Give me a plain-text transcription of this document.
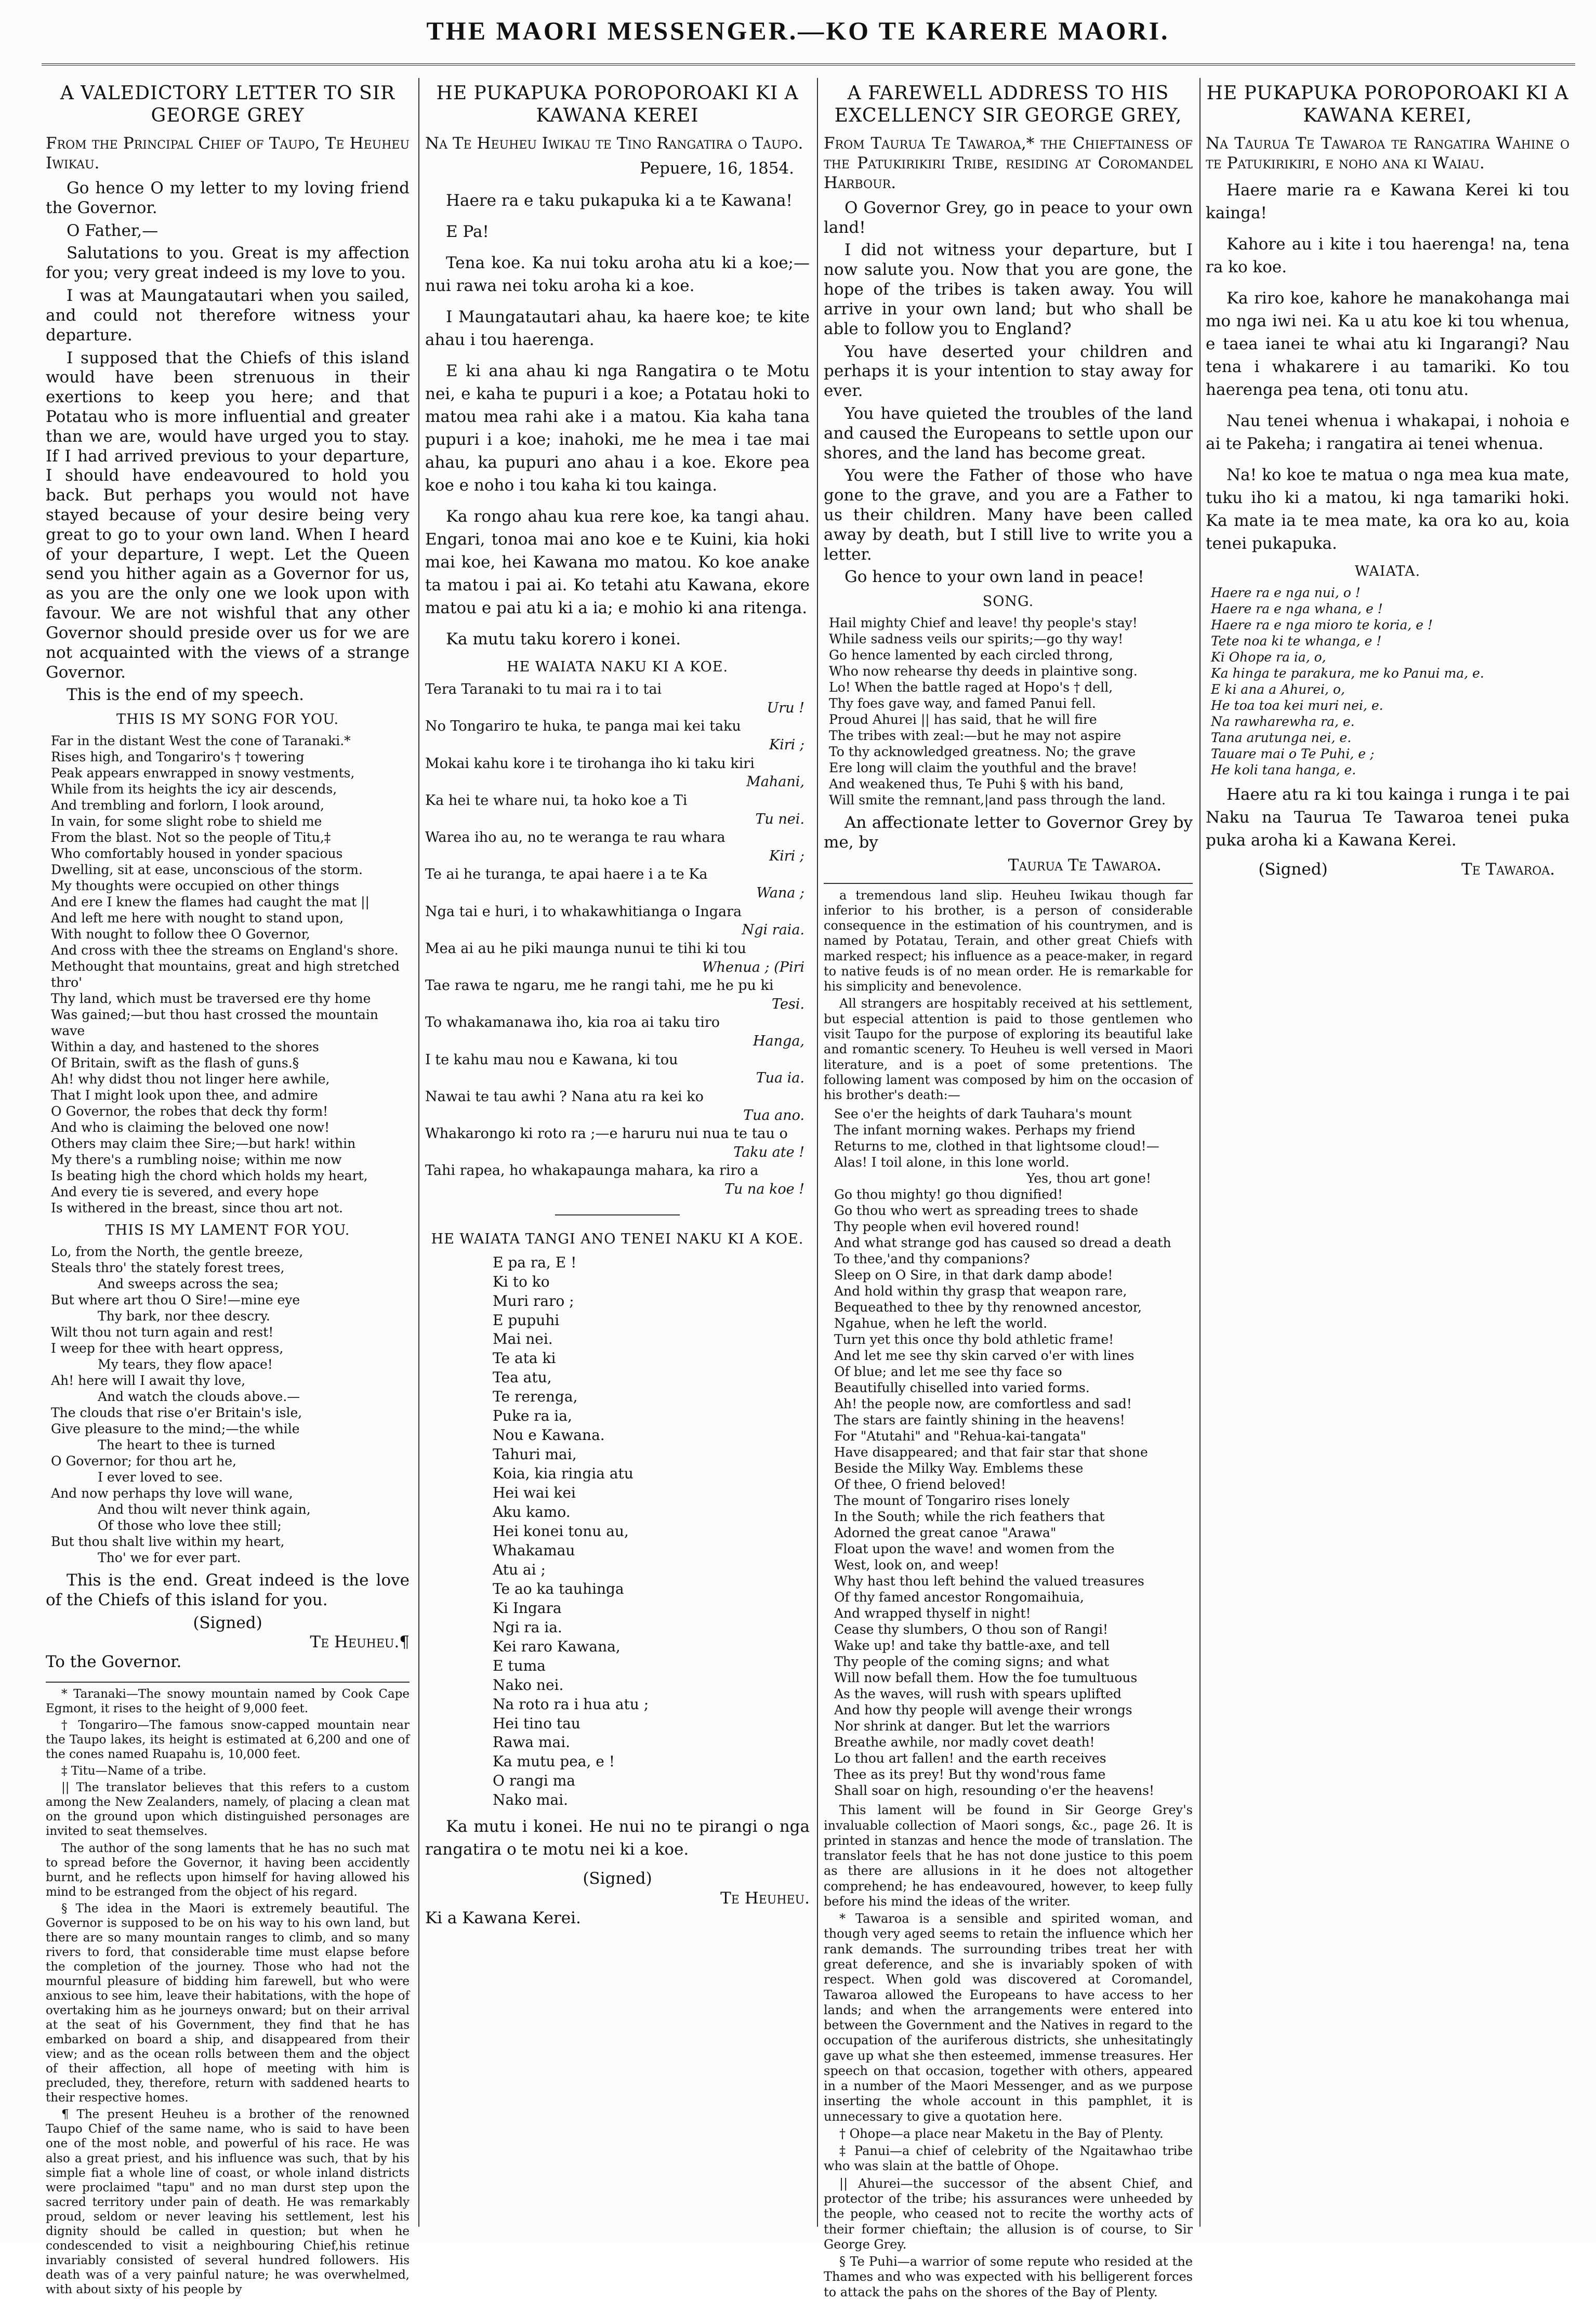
THE MAORI MESSENGER.—KO TE KARERE MAORI.
A VALEDICTORY LETTER TO SIR GEORGE GREY
From the Principal Chief of Taupo, Te Heuheu Iwikau.

Go hence O my letter to my loving friend the Governor.

O Father,—

Salutations to you. Great is my affection for you; very great indeed is my love to you.

I was at Maungatautari when you sailed, and could not therefore witness your departure.

I supposed that the Chiefs of this island would have been strenuous in their exertions to keep you here; and that Potatau who is more influential and greater than we are, would have urged you to stay. If I had arrived previous to your departure, I should have endeavoured to hold you back. But perhaps you would not have stayed because of your desire being very great to go to your own land. When I heard of your departure, I wept. Let the Queen send you hither again as a Governor for us, as you are the only one we look upon with favour. We are not wishful that any other Governor should preside over us for we are not acquainted with the views of a strange Governor.

This is the end of my speech.

THIS IS MY SONG FOR YOU.
Far in the distant West the cone of Taranaki.*
Rises high, and Tongariro's † towering
Peak appears enwrapped in snowy vestments,
While from its heights the icy air descends,
And trembling and forlorn, I look around,
In vain, for some slight robe to shield me
From the blast. Not so the people of Titu,‡
Who comfortably housed in yonder spacious
Dwelling, sit at ease, unconscious of the storm.
My thoughts were occupied on other things
And ere I knew the flames had caught the mat ||
And left me here with nought to stand upon,
With nought to follow thee O Governor,
And cross with thee the streams on England's shore.
Methought that mountains, great and high stretched thro'
Thy land, which must be traversed ere thy home
Was gained;—but thou hast crossed the mountain wave
Within a day, and hastened to the shores
Of Britain, swift as the flash of guns.§
Ah! why didst thou not linger here awhile,
That I might look upon thee, and admire
O Governor, the robes that deck thy form!
And who is claiming the beloved one now!
Others may claim thee Sire;—but hark! within
My there's a rumbling noise; within me now
Is beating high the chord which holds my heart,
And every tie is severed, and every hope
Is withered in the breast, since thou art not.
THIS IS MY LAMENT FOR YOU.
Lo, from the North, the gentle breeze,
Steals thro' the stately forest trees,
And sweeps across the sea;
But where art thou O Sire!—mine eye
Thy bark, nor thee descry.
Wilt thou not turn again and rest!
I weep for thee with heart oppress,
My tears, they flow apace!
Ah! here will I await thy love,
And watch the clouds above.—
The clouds that rise o'er Britain's isle,
Give pleasure to the mind;—the while
The heart to thee is turned
O Governor; for thou art he,
I ever loved to see.
And now perhaps thy love will wane,
And thou wilt never think again,
Of those who love thee still;
But thou shalt live within my heart,
Tho' we for ever part.

This is the end. Great indeed is the love of the Chiefs of this island for you.

(Signed)
Te Heuheu.¶
To the Governor.

* Taranaki—The snowy mountain named by Cook Cape Egmont, it rises to the height of 9,000 feet.

† Tongariro—The famous snow-capped mountain near the Taupo lakes, its height is estimated at 6,200 and one of the cones named Ruapahu is, 10,000 feet.

‡ Titu—Name of a tribe.

|| The translator believes that this refers to a custom among the New Zealanders, namely, of placing a clean mat on the ground upon which distinguished personages are invited to seat themselves.

The author of the song laments that he has no such mat to spread before the Governor, it having been accidently burnt, and he reflects upon himself for having allowed his mind to be estranged from the object of his regard.

§ The idea in the Maori is extremely beautiful. The Governor is supposed to be on his way to his own land, but there are so many mountain ranges to climb, and so many rivers to ford, that considerable time must elapse before the completion of the journey. Those who had not the mournful pleasure of bidding him farewell, but who were anxious to see him, leave their habitations, with the hope of overtaking him as he journeys onward; but on their arrival at the seat of his Government, they find that he has embarked on board a ship, and disappeared from their view; and as the ocean rolls between them and the object of their affection, all hope of meeting with him is precluded, they, therefore, return with saddened hearts to their respective homes.

¶ The present Heuheu is a brother of the renowned Taupo Chief of the same name, who is said to have been one of the most noble, and powerful of his race. He was also a great priest, and his influence was such, that by his simple fiat a whole line of coast, or whole inland districts were proclaimed "tapu" and no man durst step upon the sacred territory under pain of death. He was remarkably proud, seldom or never leaving his settlement, lest his dignity should be called in question; but when he condescended to visit a neighbouring Chief,his retinue invariably consisted of several hundred followers. His death was of a very painful nature; he was overwhelmed, with about sixty of his people by

HE PUKAPUKA POROPOROAKI KI A KAWANA KEREI
Na Te Heuheu Iwikau te Tino Rangatira o Taupo.
Pepuere, 16, 1854.

Haere ra e taku pukapuka ki a te Kawana!

E Pa!

Tena koe. Ka nui toku aroha atu ki a koe;—nui rawa nei toku aroha ki a koe.

I Maungatautari ahau, ka haere koe; te kite ahau i tou haerenga.

E ki ana ahau ki nga Rangatira o te Motu nei, e kaha te pupuri i a koe; a Potatau hoki to matou mea rahi ake i a matou. Kia kaha tana pupuri i a koe; inahoki, me he mea i tae mai ahau, ka pupuri ano ahau i a koe. Ekore pea koe e noho i tou kaha ki tou kainga.

Ka rongo ahau kua rere koe, ka tangi ahau. Engari, tonoa mai ano koe e te Kuini, kia hoki mai koe, hei Kawana mo matou. Ko koe anake ta matou i pai ai. Ko tetahi atu Kawana, ekore matou e pai atu ki a ia; e mohio ki ana ritenga.

Ka mutu taku korero i konei.

HE WAIATA NAKU KI A KOE.
Tera Taranaki to tu mai ra i to tai
Uru !
No Tongariro te huka, te panga mai kei taku
Kiri ;
Mokai kahu kore i te tirohanga iho ki taku kiri
Mahani,
Ka hei te whare nui, ta hoko koe a Ti
Tu nei.
Warea iho au, no te weranga te rau whara
Kiri ;
Te ai he turanga, te apai haere i a te Ka
Wana ;
Nga tai e huri, i to whakawhitianga o Ingara
Ngi raia.
Mea ai au he piki maunga nunui te tihi ki tou
Whenua ; (Piri
Tae rawa te ngaru, me he rangi tahi, me he pu ki
Tesi.
To whakamanawa iho, kia roa ai taku tiro
Hanga,
I te kahu mau nou e Kawana, ki tou
Tua ia.
Nawai te tau awhi ? Nana atu ra kei ko
Tua ano.
Whakarongo ki roto ra ;—e haruru nui nua te tau o
Taku ate !
Tahi rapea, ho whakapaunga mahara, ka riro a
Tu na koe !
HE WAIATA TANGI ANO TENEI NAKU KI A KOE.
E pa ra, E !
Ki to ko
Muri raro ;
E pupuhi
Mai nei.
Te ata ki
Tea atu,
Te rerenga,
Puke ra ia,
Nou e Kawana.
Tahuri mai,
Koia, kia ringia atu
Hei wai kei
Aku kamo.
Hei konei tonu au,
Whakamau
Atu ai ;
Te ao ka tauhinga
Ki Ingara
Ngi ra ia.
Kei raro Kawana,
E tuma
Nako nei.
Na roto ra i hua atu ;
Hei tino tau
Rawa mai.
Ka mutu pea, e !
O rangi ma
Nako mai.

Ka mutu i konei. He nui no te pirangi o nga rangatira o te motu nei ki a koe.

(Signed)
Te Heuheu.
Ki a Kawana Kerei.
A FAREWELL ADDRESS TO HIS EXCELLENCY SIR GEORGE GREY,
From Taurua Te Tawaroa,* the Chieftainess of the Patukirikiri Tribe, residing at Coromandel Harbour.

O Governor Grey, go in peace to your own land!

I did not witness your departure, but I now salute you. Now that you are gone, the hope of the tribes is taken away. You will arrive in your own land; but who shall be able to follow you to England?

You have deserted your children and perhaps it is your intention to stay away for ever.

You have quieted the troubles of the land and caused the Europeans to settle upon our shores, and the land has become great.

You were the Father of those who have gone to the grave, and you are a Father to us their children. Many have been called away by death, but I still live to write you a letter.

Go hence to your own land in peace!

SONG.
Hail mighty Chief and leave! thy people's stay!
While sadness veils our spirits;—go thy way!
Go hence lamented by each circled throng,
Who now rehearse thy deeds in plaintive song.
Lo! When the battle raged at Hopo's † dell,
Thy foes gave way, and famed Panui fell.
Proud Ahurei || has said, that he will fire
The tribes with zeal:—but he may not aspire
To thy acknowledged greatness. No; the grave
Ere long will claim the youthful and the brave!
And weakened thus, Te Puhi § with his band,
Will smite the remnant,|and pass through the land.

An affectionate letter to Governor Grey by me, by

Taurua Te Tawaroa.

a tremendous land slip. Heuheu Iwikau though far inferior to his brother, is a person of considerable consequence in the estimation of his countrymen, and is named by Potatau, Terain, and other great Chiefs with marked respect; his influence as a peace-maker, in regard to native feuds is of no mean order. He is remarkable for his simplicity and benevolence.

All strangers are hospitably received at his settlement, but especial attention is paid to those gentlemen who visit Taupo for the purpose of exploring its beautiful lake and romantic scenery. To Heuheu is well versed in Maori literature, and is a poet of some pretentions. The following lament was composed by him on the occasion of his brother's death:—

See o'er the heights of dark Tauhara's mount
The infant morning wakes. Perhaps my friend
Returns to me, clothed in that lightsome cloud!—
Alas! I toil alone, in this lone world.
Yes, thou art gone!
Go thou mighty! go thou dignified!
Go thou who wert as spreading trees to shade
Thy people when evil hovered round!
And what strange god has caused so dread a death
To thee,'and thy companions?
Sleep on O Sire, in that dark damp abode!
And hold within thy grasp that weapon rare,
Bequeathed to thee by thy renowned ancestor,
Ngahue, when he left the world.
Turn yet this once thy bold athletic frame!
And let me see thy skin carved o'er with lines
Of blue; and let me see thy face so
Beautifully chiselled into varied forms.
Ah! the people now, are comfortless and sad!
The stars are faintly shining in the heavens!
For "Atutahi" and "Rehua-kai-tangata"
Have disappeared; and that fair star that shone
Beside the Milky Way. Emblems these
Of thee, O friend beloved!
The mount of Tongariro rises lonely
In the South; while the rich feathers that
Adorned the great canoe "Arawa"
Float upon the wave! and women from the
West, look on, and weep!
Why hast thou left behind the valued treasures
Of thy famed ancestor Rongomaihuia,
And wrapped thyself in night!
Cease thy slumbers, O thou son of Rangi!
Wake up! and take thy battle-axe, and tell
Thy people of the coming signs; and what
Will now befall them. How the foe tumultuous
As the waves, will rush with spears uplifted
And how thy people will avenge their wrongs
Nor shrink at danger. But let the warriors
Breathe awhile, nor madly covet death!
Lo thou art fallen! and the earth receives
Thee as its prey! But thy wond'rous fame
Shall soar on high, resounding o'er the heavens!

This lament will be found in Sir George Grey's invaluable collection of Maori songs, &c., page 26. It is printed in stanzas and hence the mode of translation. The translator feels that he has not done justice to this poem as there are allusions in it he does not altogether comprehend; he has endeavoured, however, to keep fully before his mind the ideas of the writer.

* Tawaroa is a sensible and spirited woman, and though very aged seems to retain the influence which her rank demands. The surrounding tribes treat her with great deference, and she is invariably spoken of with respect. When gold was discovered at Coromandel, Tawaroa allowed the Europeans to have access to her lands; and when the arrangements were entered into between the Government and the Natives in regard to the occupation of the auriferous districts, she unhesitatingly gave up what she then esteemed, immense treasures. Her speech on that occasion, together with others, appeared in a number of the Maori Messenger, and as we purpose inserting the whole account in this pamphlet, it is unnecessary to give a quotation here.

† Ohope—a place near Maketu in the Bay of Plenty.

‡ Panui—a chief of celebrity of the Ngaitawhao tribe who was slain at the battle of Ohope.

|| Ahurei—the successor of the absent Chief, and protector of the tribe; his assurances were unheeded by the people, who ceased not to recite the worthy acts of their former chieftain; the allusion is of course, to Sir George Grey.

§ Te Puhi—a warrior of some repute who resided at the Thames and who was expected with his belligerent forces to attack the pahs on the shores of the Bay of Plenty.

HE PUKAPUKA POROPOROAKI KI A KAWANA KEREI,
Na Taurua Te Tawaroa te Rangatira Wahine o te Patukirikiri, e noho ana ki Waiau.

Haere marie ra e Kawana Kerei ki tou kainga!

Kahore au i kite i tou haerenga! na, tena ra ko koe.

Ka riro koe, kahore he manakohanga mai mo nga iwi nei. Ka u atu koe ki tou whenua, e taea ianei te whai atu ki Ingarangi? Nau tena i whakarere i au tamariki. Ko tou haerenga pea tena, oti tonu atu.

Nau tenei whenua i whakapai, i nohoia e ai te Pakeha; i rangatira ai tenei whenua.

Na! ko koe te matua o nga mea kua mate, tuku iho ki a matou, ki nga tamariki hoki. Ka mate ia te mea mate, ka ora ko au, koia tenei pukapuka.

WAIATA.
Haere ra e nga nui, o !
Haere ra e nga whana, e !
Haere ra e nga mioro te koria, e !
Tete noa ki te whanga, e !
Ki Ohope ra ia, o,
Ka hinga te parakura, me ko Panui ma, e.
E ki ana a Ahurei, o,
He toa toa kei muri nei, e.
Na rawharewha ra, e.
Tana arutunga nei, e.
Tauare mai o Te Puhi, e ;
He koli tana hanga, e.

Haere atu ra ki tou kainga i runga i te pai Naku na Taurua Te Tawaroa tenei puka puka aroha ki a Kawana Kerei.

(Signed)	Te Tawaroa.
